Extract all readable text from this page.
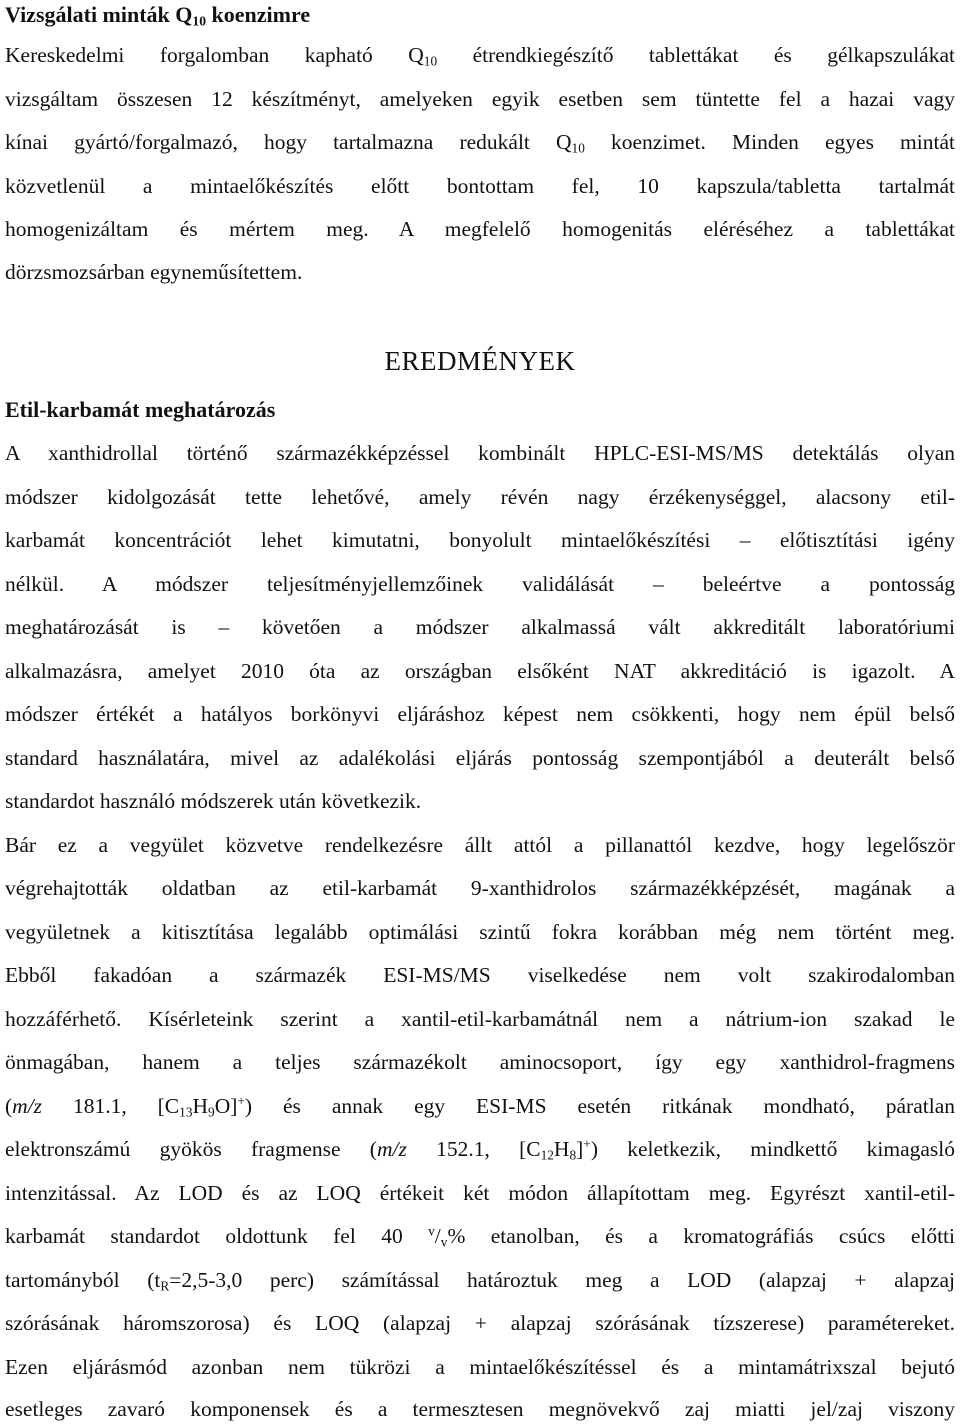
Vizsgálati minták $Q_{10}$ koenzimre
Kereskedelmi forgalomban kapható $Q_{10}$ étrendkiegészítő tablettákat és gélkapszulákat
vizsgáltam összesen 12 készítményt, amelyeken egyik esetben sem tüntette fel a hazai vagy
kínai gyártó/forgalmazó, hogy tartalmazna redukált $Q_{10}$ koenzimet. Minden egyes mintát
közvetlenül a mintaelőkészítés előtt bontottam fel, 10 kapszula/tabletta tartalmát
homogenizáltam és mértem meg. A megfelelő homogenitás eléréséhez a tablettákat
dörzsmozsárban egyneműsítettem.
EREDMÉNYEK
Etil-karbamát meghatározás
A xanthidrollal történő származékképzéssel kombinált HPLC-ESI-MS/MS detektálás olyan
módszer kidolgozását tette lehetővé, amely révén nagy érzékenységgel, alacsony etil-
karbamát koncentrációt lehet kimutatni, bonyolult mintaelőkészítési – előtisztítási igény
nélkül. A módszer teljesítményjellemzőinek validálását – beleértve a pontosság
meghatározását is – követően a módszer alkalmassá vált akkreditált laboratóriumi
alkalmazásra, amelyet 2010 óta az országban elsőként NAT akkreditáció is igazolt. A
módszer értékét a hatályos borkönyvi eljáráshoz képest nem csökkenti, hogy nem épül belső
standard használatára, mivel az adalékolási eljárás pontosság szempontjából a deuterált belső
standardot használó módszerek után következik.
Bár ez a vegyület közvetve rendelkezésre állt attól a pillanattól kezdve, hogy legelőször
végrehajtották oldatban az etil-karbamát 9-xanthidrolos származékképzését, magának a
vegyületnek a kitisztítása legalább optimálási szintű fokra korábban még nem történt meg.
Ebből fakadóan a származék ESI-MS/MS viselkedése nem volt szakirodalomban
hozzáférhető. Kísérleteink szerint a xantil-etil-karbamátnál nem a nátrium-ion szakad le
önmagában, hanem a teljes származékolt aminocsoport, így egy xanthidrol-fragmens
(m/z 181.1, $[C_{13}H_9O]^+$) és annak egy ESI-MS esetén ritkának mondható, páratlan
elektronszámú gyökös fragmense (m/z 152.1, $[C_{12}H_8]^+$) keletkezik, mindkettő kimagasló
intenzitással. Az LOD és az LOQ értékeit két módon állapítottam meg. Egyrészt xantil-etil-
karbamát standardot oldottunk fel 40 $^v/_v\%$ etanolban, és a kromatográfiás csúcs előtti
tartományból ($t_R=2,5-3,0$ perc) számítással határoztuk meg a LOD (alapzaj + alapzaj
szórásának háromszorosa) és LOQ (alapzaj + alapzaj szórásának tízszerese) paramétereket.
Ezen eljárásmód azonban nem tükrözi a mintaelőkészítéssel és a mintamátrixszal bejutó
esetleges zavaró komponensek és a termesztesen megnövekvő zaj miatti jel/zaj viszony
